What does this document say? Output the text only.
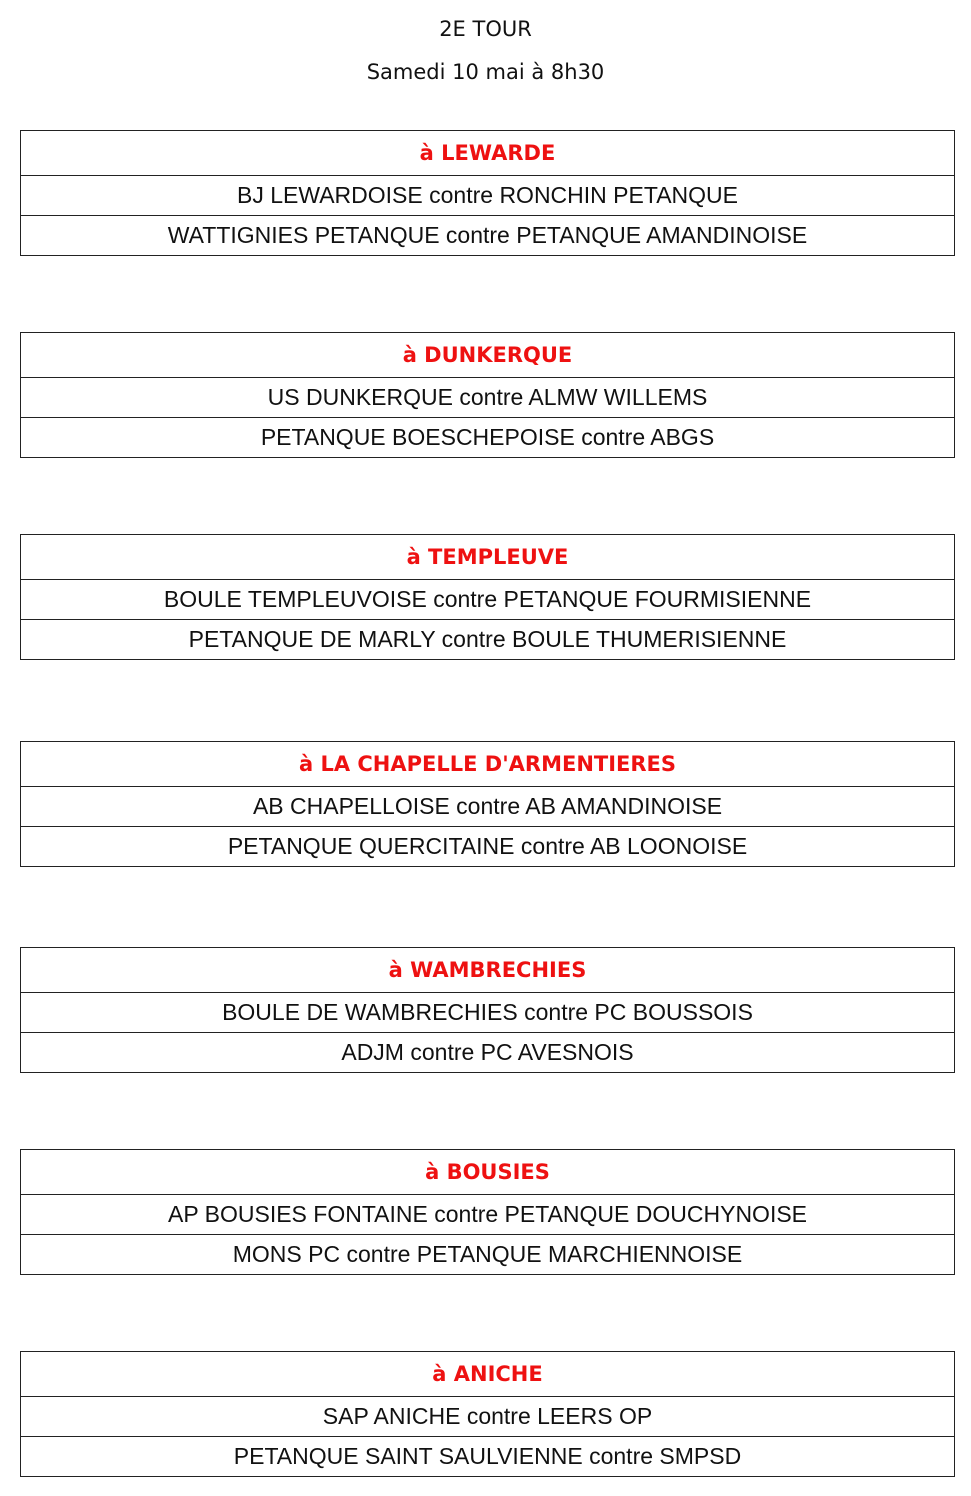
2E TOUR
Samedi 10 mai à 8h30
à LEWARDE
BJ LEWARDOISE contre RONCHIN PETANQUE
WATTIGNIES PETANQUE contre PETANQUE AMANDINOISE
à DUNKERQUE
US DUNKERQUE contre ALMW WILLEMS
PETANQUE BOESCHEPOISE contre ABGS
à TEMPLEUVE
BOULE TEMPLEUVOISE contre PETANQUE FOURMISIENNE
PETANQUE DE MARLY contre BOULE THUMERISIENNE
à LA CHAPELLE D'ARMENTIERES
AB CHAPELLOISE contre AB AMANDINOISE
PETANQUE QUERCITAINE contre AB LOONOISE
à WAMBRECHIES
BOULE DE WAMBRECHIES contre PC BOUSSOIS
ADJM contre PC AVESNOIS
à BOUSIES
AP BOUSIES FONTAINE contre PETANQUE DOUCHYNOISE
MONS PC contre PETANQUE MARCHIENNOISE
à ANICHE
SAP ANICHE contre LEERS OP
PETANQUE SAINT SAULVIENNE contre SMPSD
